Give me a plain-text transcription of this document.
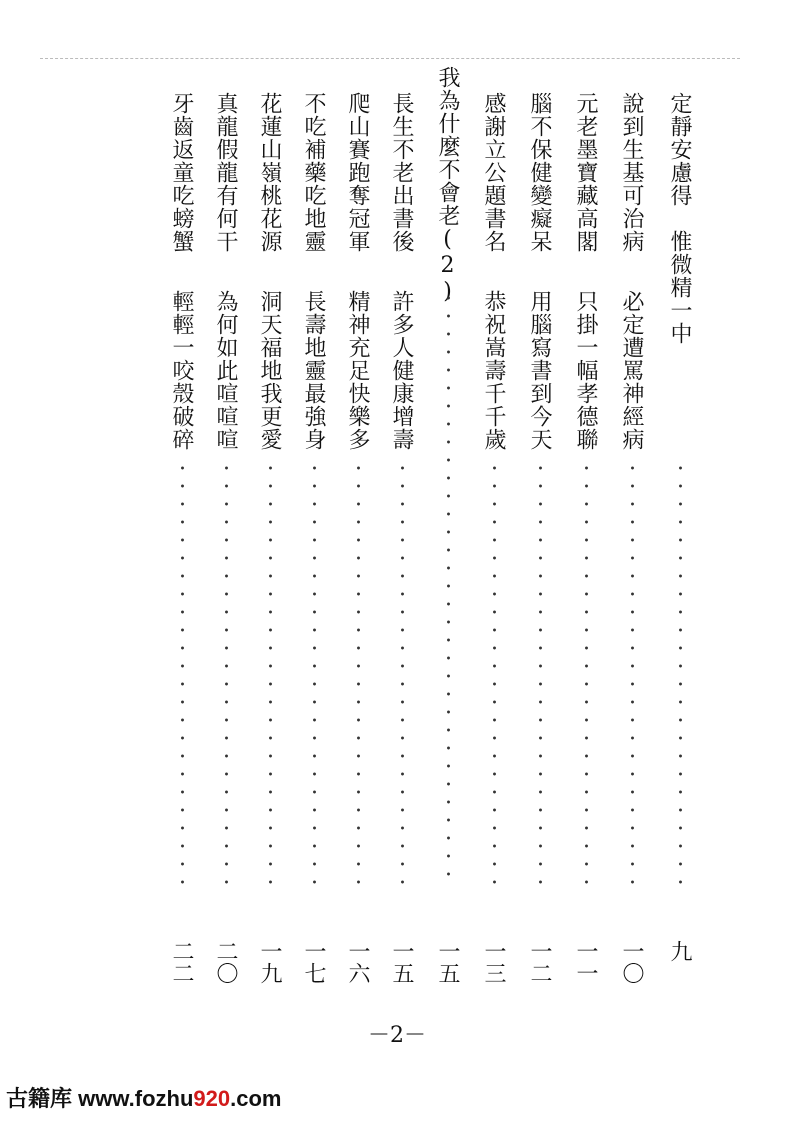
定靜安慮得
惟微精一中
・・・・・・・・・・・・・・・・・・・・・・・・
九
說到生基可治病
必定遭罵神經病
・・・・・・・・・・・・・・・・・・・・・・・・
一〇
元老墨寶藏高閣
只掛一幅孝德聯
・・・・・・・・・・・・・・・・・・・・・・・・
一一
腦不保健變癡呆
用腦寫書到今天
・・・・・・・・・・・・・・・・・・・・・・・・
一二
感謝立公題書名
恭祝嵩壽千千歲
・・・・・・・・・・・・・・・・・・・・・・・・
一三
我為什麼不會老(2)
・・・・・・・・・・・・・・・・・・・・・・・・・・・・・・・・・
一五
長生不老出書後
許多人健康增壽
・・・・・・・・・・・・・・・・・・・・・・・・
一五
爬山賽跑奪冠軍
精神充足快樂多
・・・・・・・・・・・・・・・・・・・・・・・・
一六
不吃補藥吃地靈
長壽地靈最強身
・・・・・・・・・・・・・・・・・・・・・・・・
一七
花蓮山嶺桃花源
洞天福地我更愛
・・・・・・・・・・・・・・・・・・・・・・・・
一九
真龍假龍有何干
為何如此喧喧喧
・・・・・・・・・・・・・・・・・・・・・・・・
二〇
牙齒返童吃螃蟹
輕輕一咬殼破碎
・・・・・・・・・・・・・・・・・・・・・・・・
二二
－2－
古籍库 www.fozhu920.com
